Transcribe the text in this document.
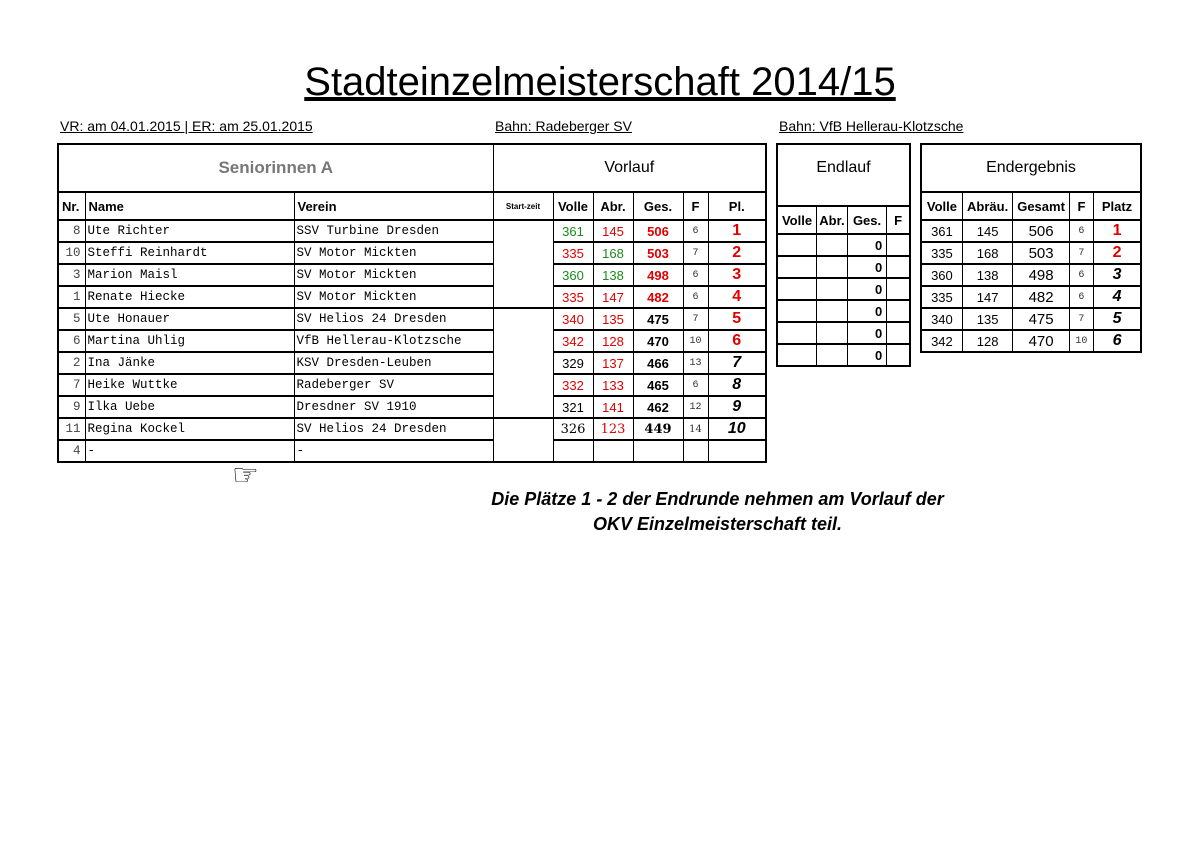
Stadteinzelmeisterschaft 2014/15
VR: am 04.01.2015 | ER: am 25.01.2015	Bahn: Radeberger SV	Bahn: VfB Hellerau-Klotzsche
Seniorinnen A			Vorlauf					
Nr.	Name	Verein	Start-zeit	Volle	Abr.	Ges.	F	Pl.
8	Ute Richter	SSV Turbine Dresden		361	145	506	6	1
10	Steffi Reinhardt	SV Motor Mickten		335	168	503	7	2
3	Marion Maisl	SV Motor Mickten		360	138	498	6	3
1	Renate Hiecke	SV Motor Mickten		335	147	482	6	4
5	Ute Honauer	SV Helios 24 Dresden		340	135	475	7	5
6	Martina Uhlig	VfB Hellerau-Klotzsche		342	128	470	10	6
2	Ina Jänke	KSV Dresden-Leuben		329	137	466	13	7
7	Heike Wuttke	Radeberger SV		332	133	465	6	8
9	Ilka Uebe	Dresdner SV 1910		321	141	462	12	9
11	Regina Kockel	SV Helios 24 Dresden		326	123	449	14	10
4	-	-						
Endlauf			
Volle	Abr.	Ges.	F
		0	
		0	
		0	
		0	
		0	
		0	
Endergebnis				
Volle	Abräu.	Gesamt	F	Platz
361	145	506	6	1
335	168	503	7	2
360	138	498	6	3
335	147	482	6	4
340	135	475	7	5
342	128	470	10	6
☞
Die Plätze 1 - 2 der Endrunde nehmen am Vorlauf der
OKV Einzelmeisterschaft teil.
